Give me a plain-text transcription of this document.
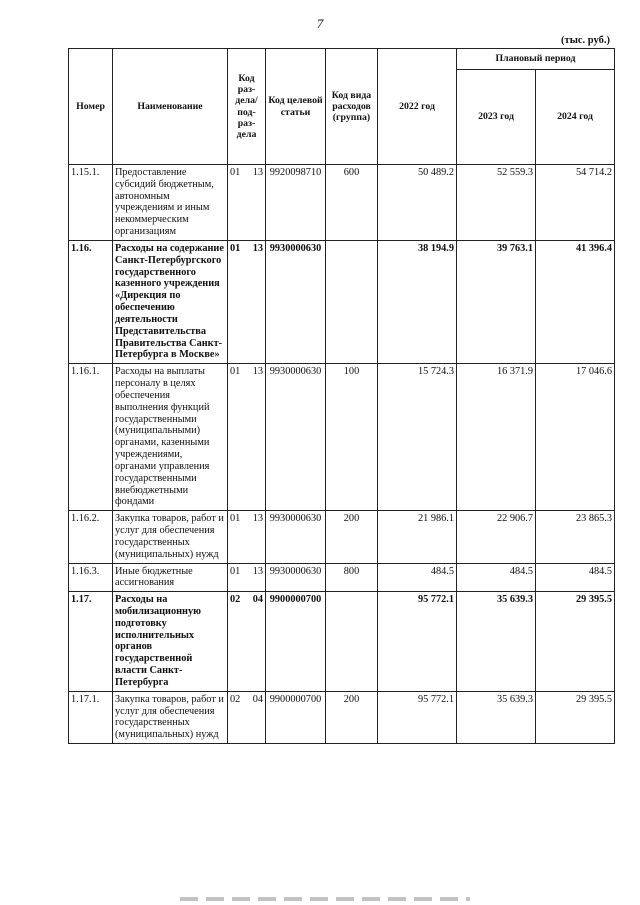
7
(тыс. руб.)
Номер	Наименование	Код раз-дела/ под-раз-дела	Код целевой статьи	Код вида расходов (группа)	2022 год	Плановый период	
						2023 год	2024 год
1.15.1.	Предоставление субсидий бюджетным, автономным учреждениям и иным некоммерческим организациям	01 13	9920098710	600	50 489.2	52 559.3	54 714.2
1.16.	Расходы на содержание Санкт-Петербургского государственного казенного учреждения «Дирекция по обеспечению деятельности Представительства Правительства Санкт-Петербурга в Москве»	01 13	9930000630		38 194.9	39 763.1	41 396.4
1.16.1.	Расходы на выплаты персоналу в целях обеспечения выполнения функций государственными (муниципальными) органами, казенными учреждениями, органами управления государственными внебюджетными фондами	01 13	9930000630	100	15 724.3	16 371.9	17 046.6
1.16.2.	Закупка товаров, работ и услуг для обеспечения государственных (муниципальных) нужд	01 13	9930000630	200	21 986.1	22 906.7	23 865.3
1.16.3.	Иные бюджетные ассигнования	01 13	9930000630	800	484.5	484.5	484.5
1.17.	Расходы на мобилизационную подготовку исполнительных органов государственной власти Санкт-Петербурга	02 04	9900000700		95 772.1	35 639.3	29 395.5
1.17.1.	Закупка товаров, работ и услуг для обеспечения государственных (муниципальных) нужд	02 04	9900000700	200	95 772.1	35 639.3	29 395.5
